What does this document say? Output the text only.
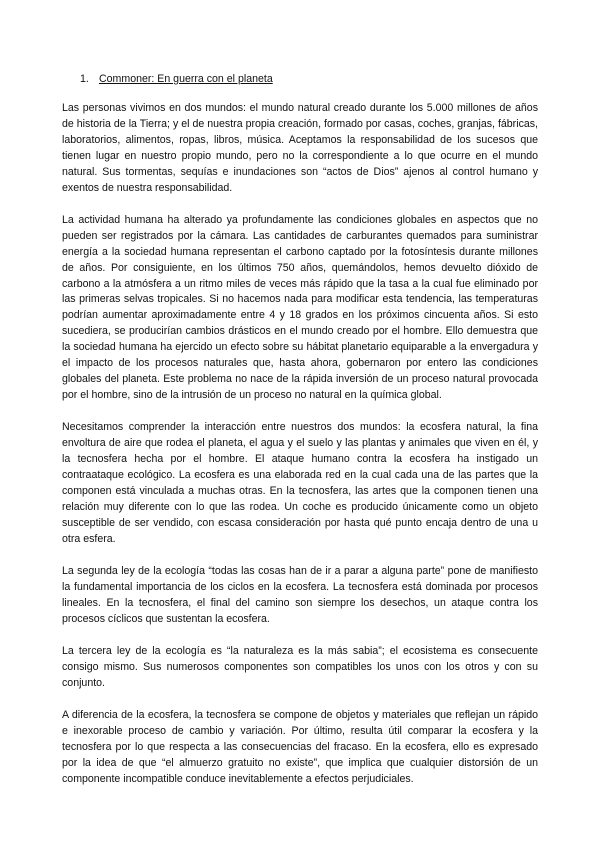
1. Commoner: En guerra con el planeta

Las personas vivimos en dos mundos: el mundo natural creado durante los 5.000 millones de años de historia de la Tierra; y el de nuestra propia creación, formado por casas, coches, granjas, fábricas, laboratorios, alimentos, ropas, libros, música. Aceptamos la responsabilidad de los sucesos que tienen lugar en nuestro propio mundo, pero no la correspondiente a lo que ocurre en el mundo natural. Sus tormentas, sequías e inundaciones son “actos de Dios” ajenos al control humano y exentos de nuestra responsabilidad.

La actividad humana ha alterado ya profundamente las condiciones globales en aspectos que no pueden ser registrados por la cámara. Las cantidades de carburantes quemados para suministrar energía a la sociedad humana representan el carbono captado por la fotosíntesis durante millones de años. Por consiguiente, en los últimos 750 años, quemándolos, hemos devuelto dióxido de carbono a la atmósfera a un ritmo miles de veces más rápido que la tasa a la cual fue eliminado por las primeras selvas tropicales. Si no hacemos nada para modificar esta tendencia, las temperaturas podrían aumentar aproximadamente entre 4 y 18 grados en los próximos cincuenta años. Si esto sucediera, se producirían cambios drásticos en el mundo creado por el hombre. Ello demuestra que la sociedad humana ha ejercido un efecto sobre su hábitat planetario equiparable a la envergadura y el impacto de los procesos naturales que, hasta ahora, gobernaron por entero las condiciones globales del planeta. Este problema no nace de la rápida inversión de un proceso natural provocada por el hombre, sino de la intrusión de un proceso no natural en la química global.

Necesitamos comprender la interacción entre nuestros dos mundos: la ecosfera natural, la fina envoltura de aire que rodea el planeta, el agua y el suelo y las plantas y animales que viven en él, y la tecnosfera hecha por el hombre. El ataque humano contra la ecosfera ha instigado un contraataque ecológico. La ecosfera es una elaborada red en la cual cada una de las partes que la componen está vinculada a muchas otras. En la tecnosfera, las artes que la componen tienen una relación muy diferente con lo que las rodea. Un coche es producido únicamente como un objeto susceptible de ser vendido, con escasa consideración por hasta qué punto encaja dentro de una u otra esfera.

La segunda ley de la ecología “todas las cosas han de ir a parar a alguna parte” pone de manifiesto la fundamental importancia de los ciclos en la ecosfera. La tecnosfera está dominada por procesos lineales. En la tecnosfera, el final del camino son siempre los desechos, un ataque contra los procesos cíclicos que sustentan la ecosfera.

La tercera ley de la ecología es “la naturaleza es la más sabia”; el ecosistema es consecuente consigo mismo. Sus numerosos componentes son compatibles los unos con los otros y con su conjunto.

A diferencia de la ecosfera, la tecnosfera se compone de objetos y materiales que reflejan un rápido e inexorable proceso de cambio y variación. Por último, resulta útil comparar la ecosfera y la tecnosfera por lo que respecta a las consecuencias del fracaso. En la ecosfera, ello es expresado por la idea de que “el almuerzo gratuito no existe”, que implica que cualquier distorsión de un componente incompatible conduce inevitablemente a efectos perjudiciales.
